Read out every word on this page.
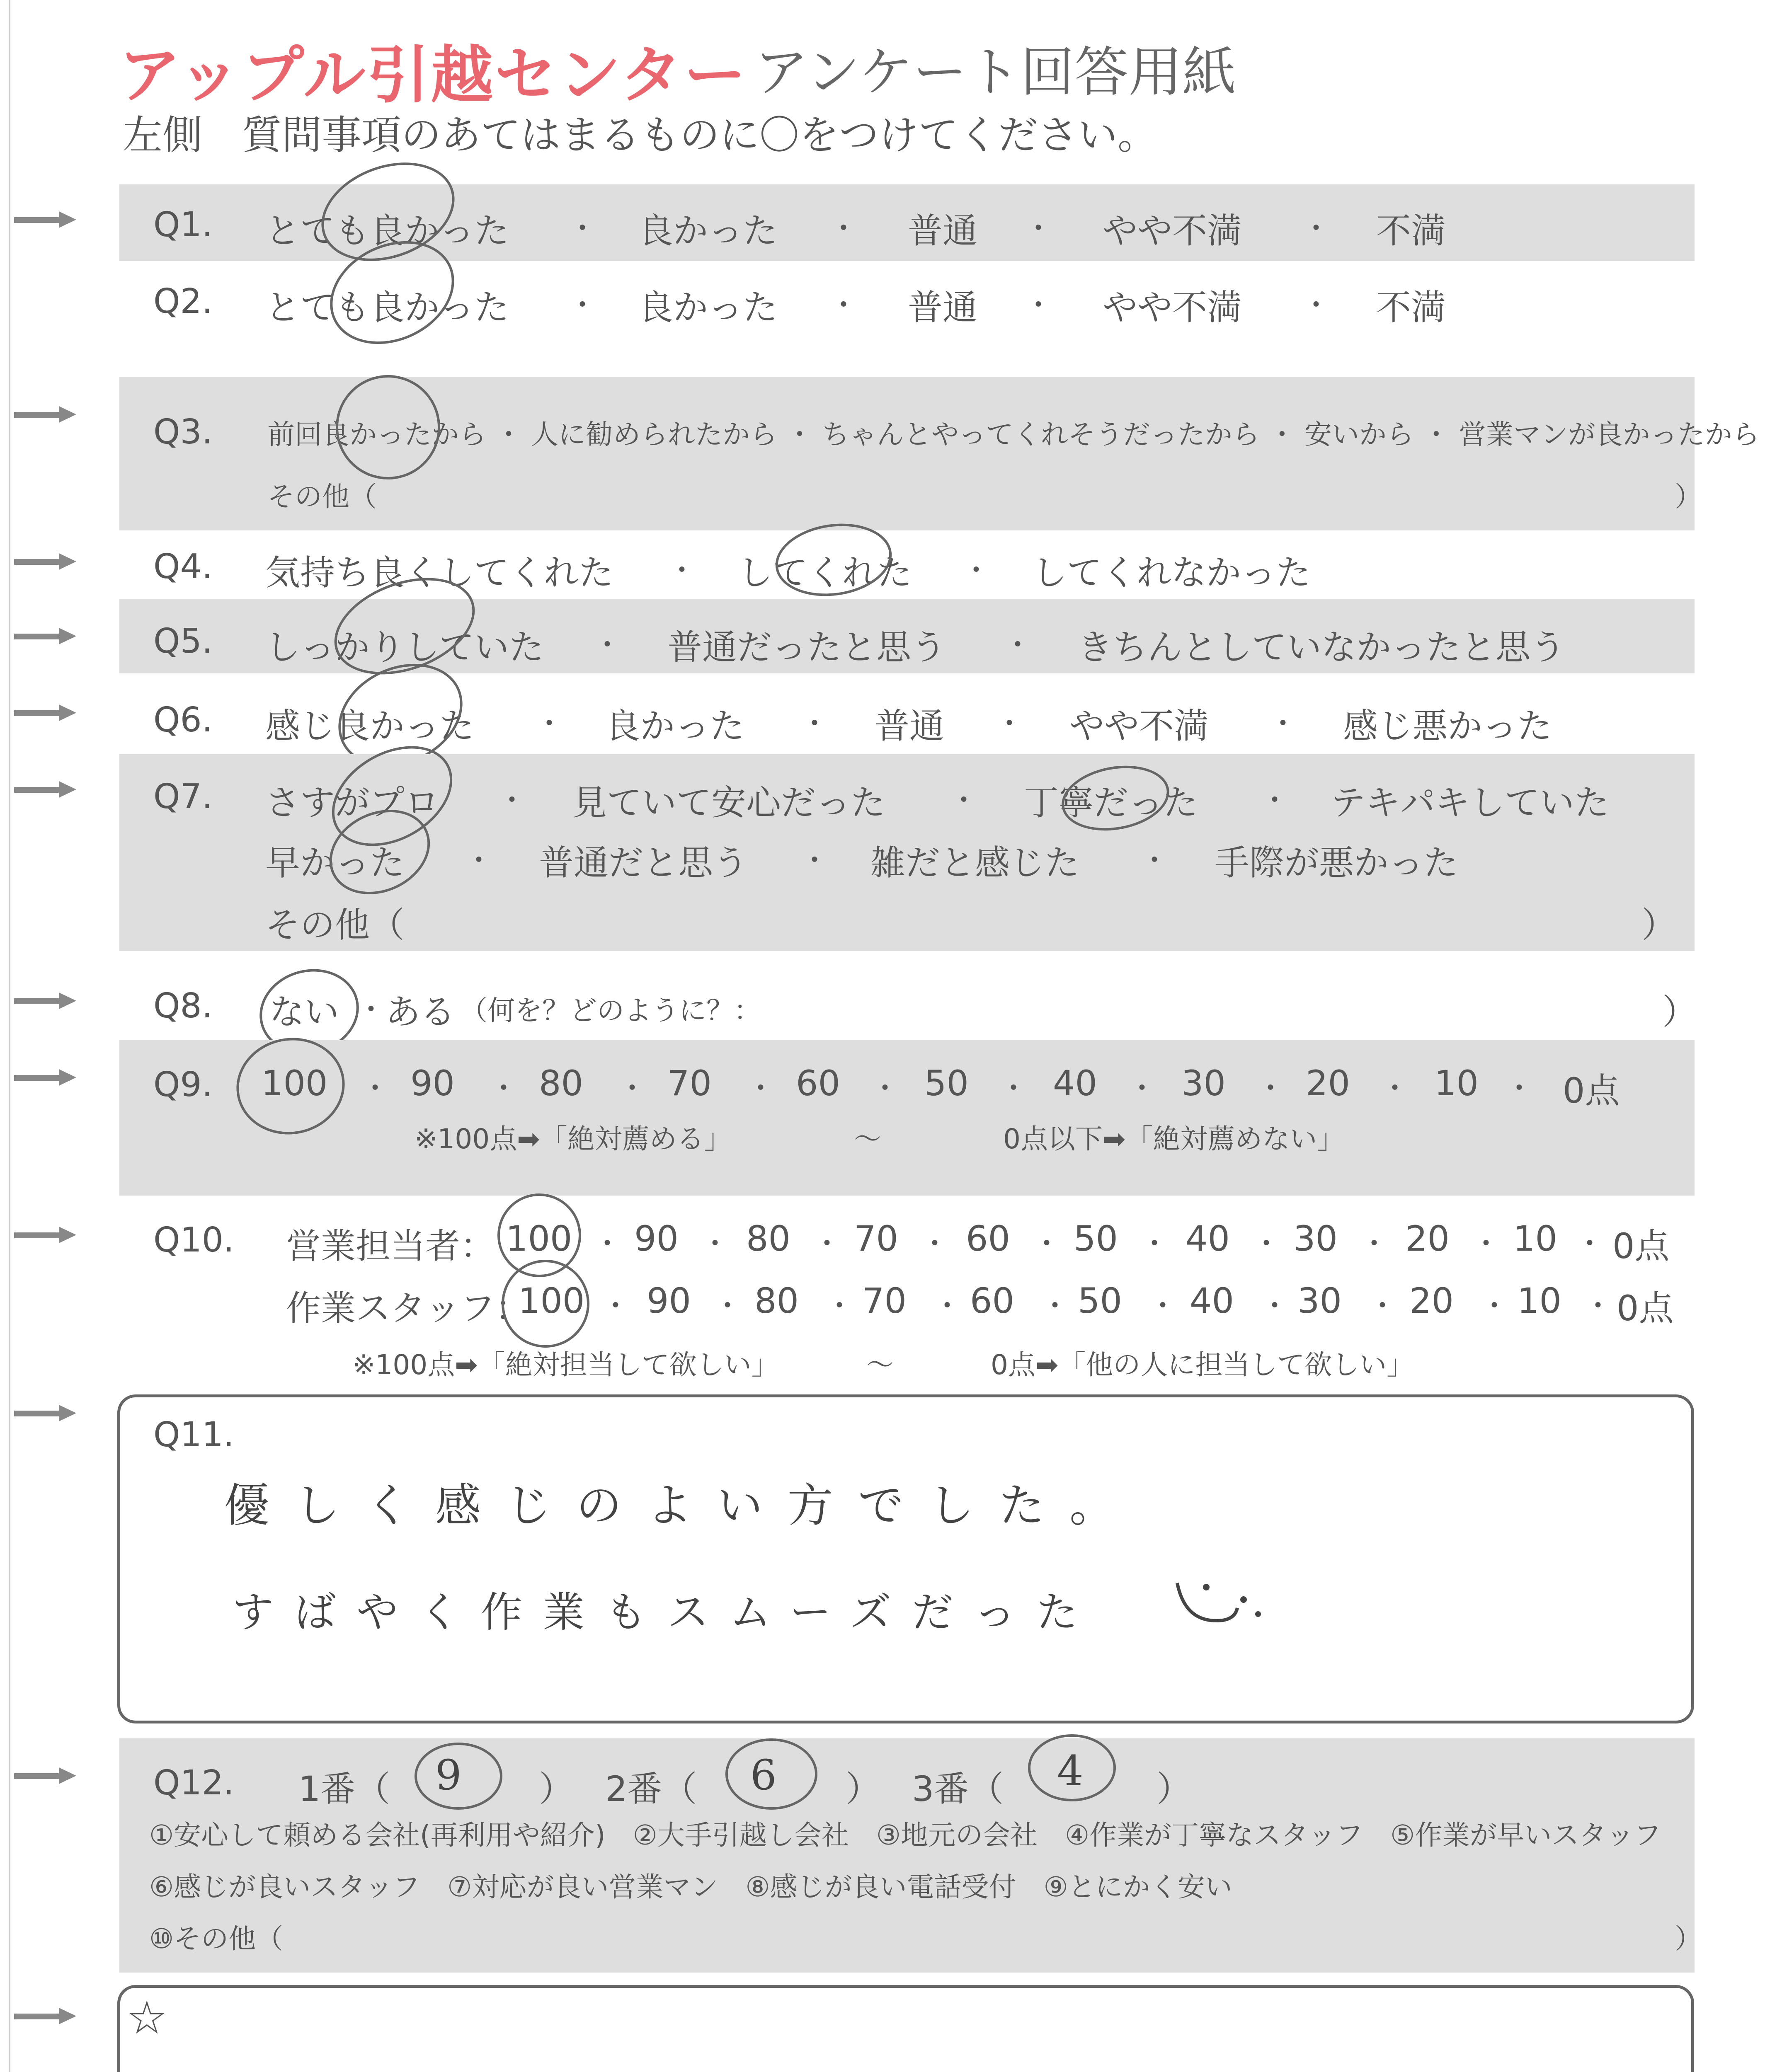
アップル引越センター アンケート回答用紙
左側　質問事項のあてはまるものに〇をつけてください。
Q1. とても良かった ・ 良かった ・ 普通 ・ やや不満 ・ 不満
Q2. とても良かった ・ 良かった ・ 普通 ・ やや不満 ・ 不満
Q3. 前回良かったから ・ 人に勧められたから ・ ちゃんとやってくれそうだったから ・ 安いから ・ 営業マンが良かったから
その他（	）
Q4. 気持ち良くしてくれた ・ してくれた ・ してくれなかった
Q5. しっかりしていた ・ 普通だったと思う ・ きちんとしていなかったと思う
Q6. 感じ良かった ・ 良かった ・ 普通 ・ やや不満 ・ 感じ悪かった
Q7. さすがプロ ・ 見ていて安心だった ・ 丁寧だった ・ テキパキしていた
早かった ・ 普通だと思う ・ 雑だと感じた ・ 手際が悪かった
その他（	）
Q8. ない ・ ある （何を？どのように？：	）
Q9. 100 ・ 90 ・ 80 ・ 70 ・ 60 ・ 50 ・ 40 ・ 30 ・ 20 ・ 10 ・ 0点
※100点➡「絶対薦める」	〜	0点以下➡「絶対薦めない」
Q10. 営業担当者： 100 ・ 90 ・ 80 ・ 70 ・ 60 ・ 50 ・ 40 ・ 30 ・ 20 ・ 10 ・ 0点
作業スタッフ：
100 ・ 90 ・ 80 ・ 70 ・ 60 ・ 50 ・ 40 ・ 30 ・ 20 ・ 10 ・ 0点
※100点➡「絶対担当して欲しい」	〜	0点➡「他の人に担当して欲しい」
Q11.
優しく感じのよい方でした。
すばやく作業もスムーズだった
Q12. 1番（ 9 ） 2番（ 6 ） 3番（ 4 ）
①安心して頼める会社(再利用や紹介)　②大手引越し会社　③地元の会社　④作業が丁寧なスタッフ　⑤作業が早いスタッフ
⑥感じが良いスタッフ　⑦対応が良い営業マン　⑧感じが良い電話受付　⑨とにかく安い
⑩その他（	）
☆
